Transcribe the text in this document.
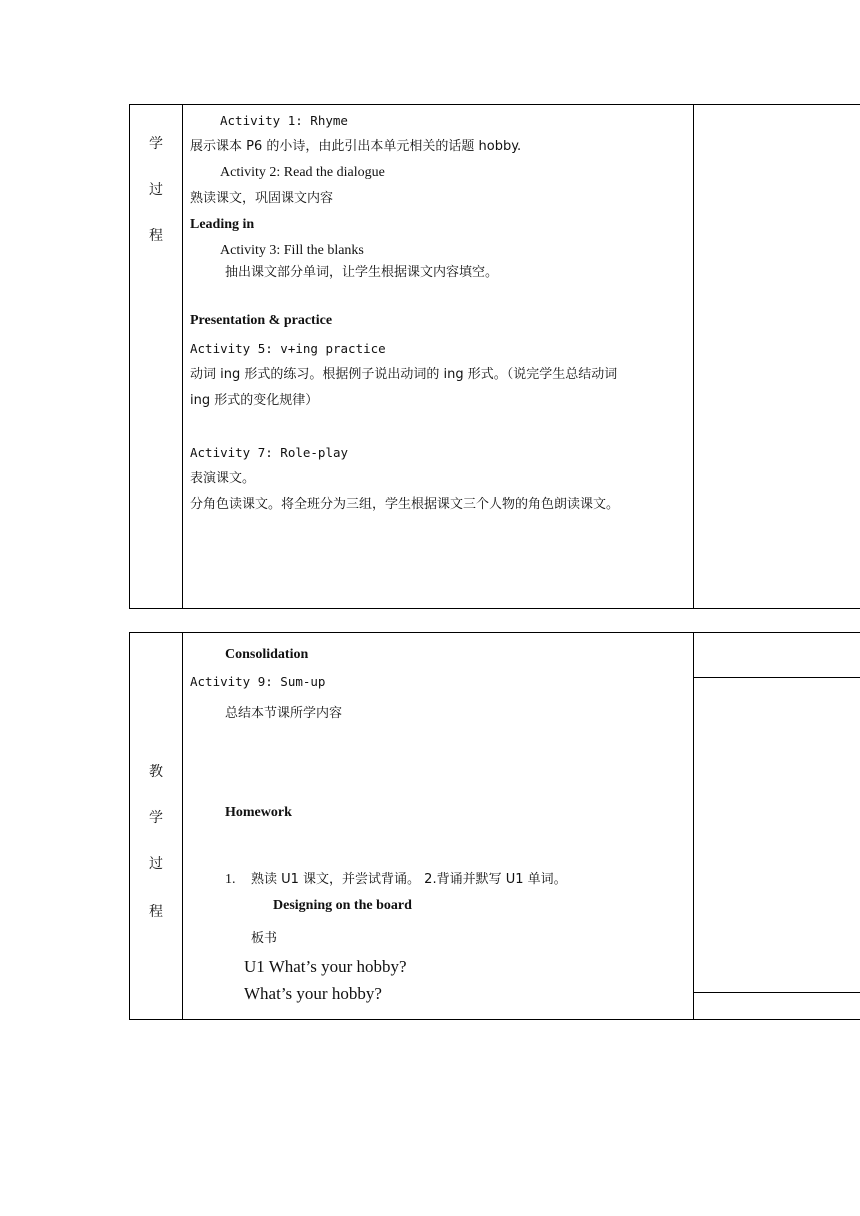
学
过
程
Activity 1: Rhyme
展示课本 P6 的小诗，由此引出本单元相关的话题 hobby.
Activity 2: Read the dialogue
熟读课文，巩固课文内容
Leading in
Activity 3: Fill the blanks
抽出课文部分单词，让学生根据课文内容填空。
Presentation & practice
Activity 5: v+ing practice
动词 ing 形式的练习。根据例子说出动词的 ing 形式。（说完学生总结动词
ing 形式的变化规律）
Activity 7: Role-play
表演课文。
分角色读课文。将全班分为三组，学生根据课文三个人物的角色朗读课文。
教
学
过
程
Consolidation
Activity 9: Sum-up
总结本节课所学内容
Homework
1. 熟读 U1 课文，并尝试背诵。 2.背诵并默写 U1 单词。
Designing on the board
板书
U1 What’s your hobby?
What’s your hobby?
